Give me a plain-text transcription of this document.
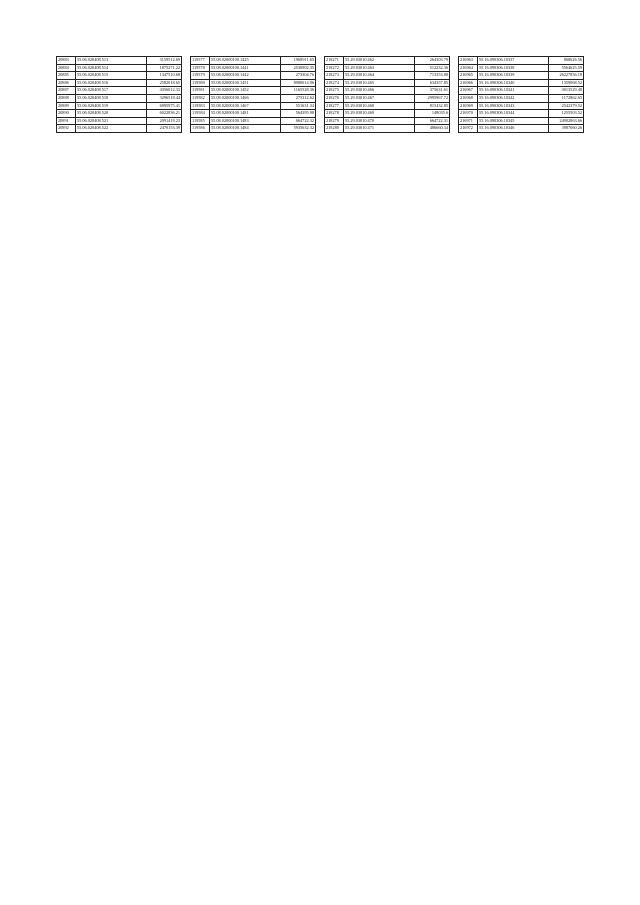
20883	55.06.020408.513	3159512.69
20884	55.06.020408.514	1875271.22
20885	55.06.020408.515	1347510.68
20886	55.06.020408.516	2582018.65
20887	55.06.020408.517	4356012.33
20888	55.06.020408.518	3296518.44
20889	55.06.020408.519	6995975.41
20890	55.06.020408.520	6022836.21
20891	55.06.020408.521	2091419.23
20892	55.06.020408.522	2470153.39
119577	55.08.02000100.1425	1968911.65
119578	55.08.02000100.1441	2530902.35
119579	55.08.02000100.1442	273304.76
119580	55.08.02000100.1451	8980014.96
119581	55.08.02000100.1452	1165528.36
119582	55.08.02000100.1466	275312.62
119583	55.08.02000100.1467	551631.34
119584	55.08.02000100.1481	564395.98
119585	55.08.02000100.1483	664722.32
119586	55.08.02000100.1484	5935632.32
218271	55.29.03010.462	264303.79
218272	55.29.03010.463	512232.36
218273	55.29.03010.464	713353.88
218274	55.29.03010.465	634357.85
218275	55.29.03010.466	375631.61
218276	55.29.03010.467	2995967.72
218277	55.29.03010.468	815432.85
218278	55.29.03010.469	148035.6
218279	55.29.03010.470	664722.31
218280	55.29.03010.471	486660.34
216963	55.16.090306.10337	868626.56
216964	55.16.090306.10338	5564625.59
216965	55.16.090306.10339	26227856.18
216966	55.16.090306.10340	1359068.52
216967	55.16.090306.10341	3013529.48
216968	55.16.090306.10342	1172862.65
216969	55.16.090306.10343	2542379.52
216970	55.16.090306.10344	1255503.52
216971	55.16.090306.10345	24902863.66
216972	55.16.090306.10346	3987060.26
